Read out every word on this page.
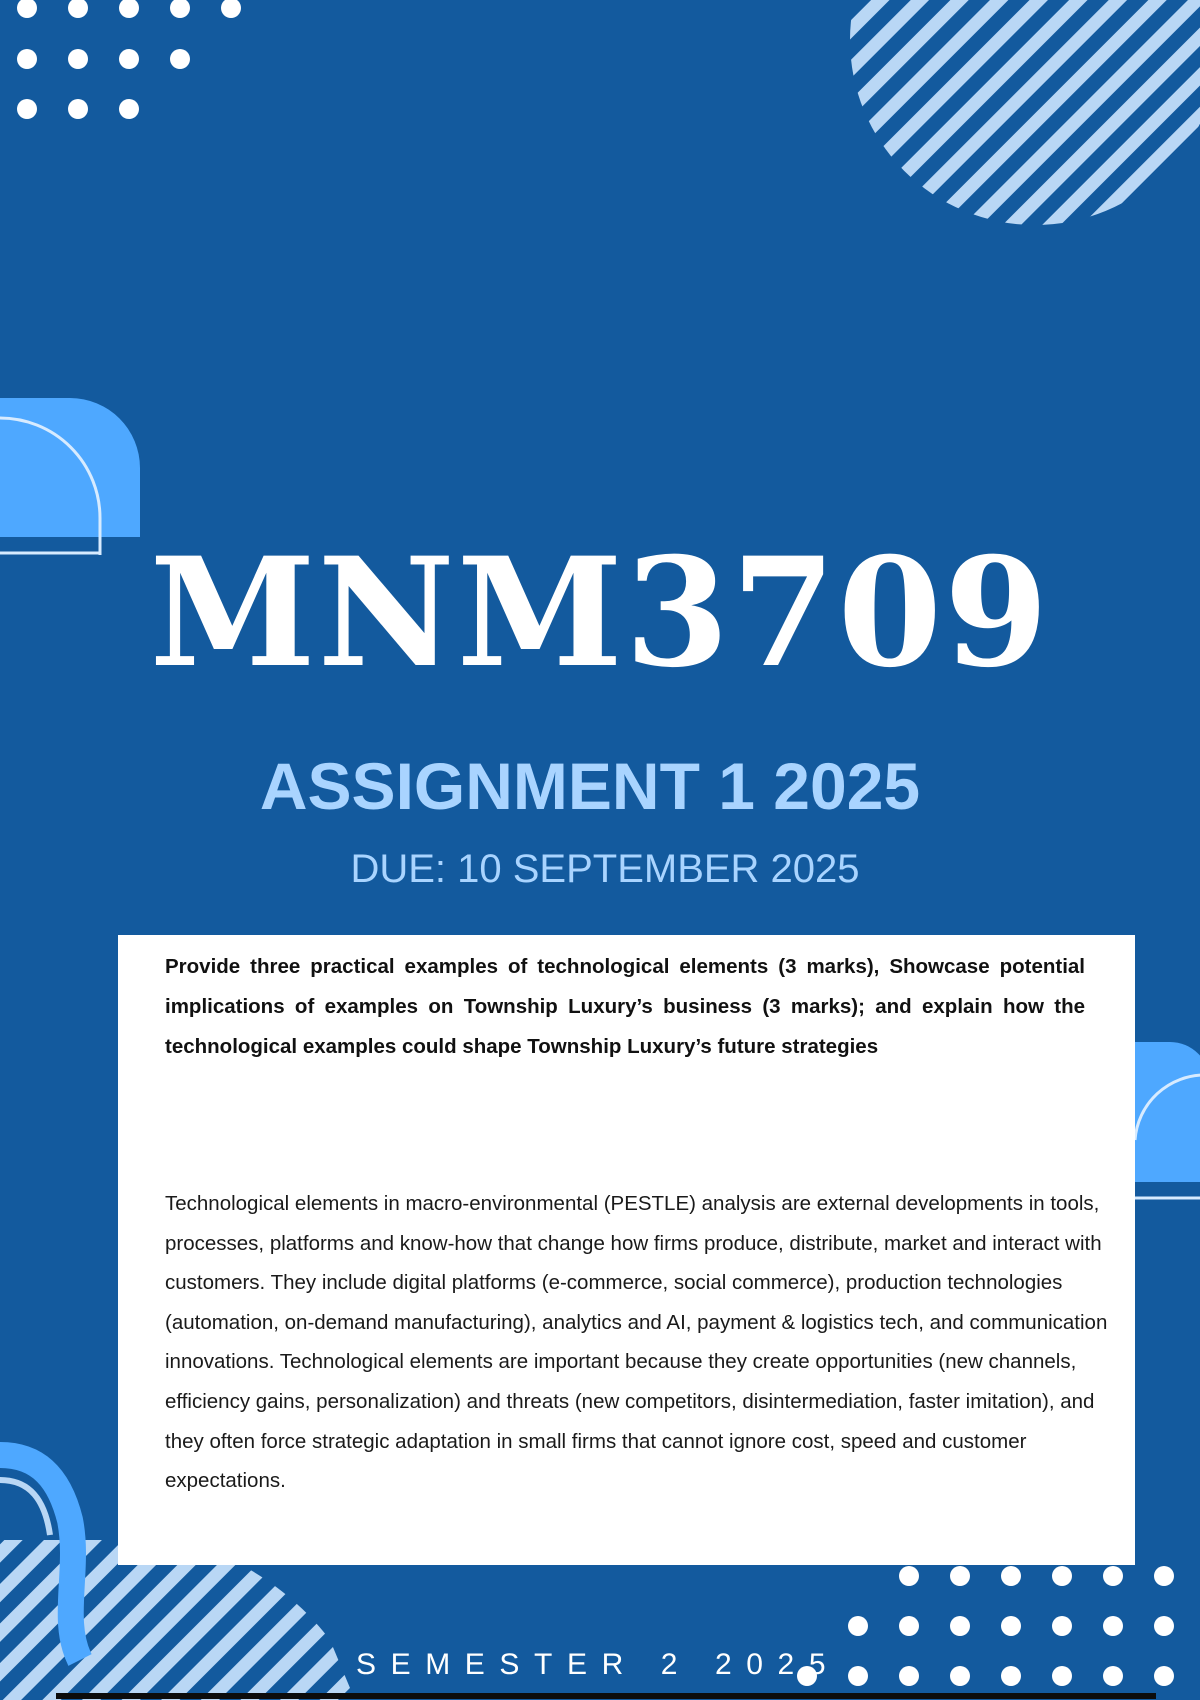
MNM3709
ASSIGNMENT 1 2025
DUE: 10 SEPTEMBER 2025
Provide three practical examples of technological elements (3 marks), Showcase potential implications of examples on Township Luxury’s business (3 marks); and explain how the technological examples could shape Township Luxury’s future strategies
Technological elements in macro-environmental (PESTLE) analysis are external developments in tools, processes, platforms and know-how that change how firms produce, distribute, market and interact with customers. They include digital platforms (e-commerce, social commerce), production technologies (automation, on-demand manufacturing), analytics and AI, payment & logistics tech, and communication innovations. Technological elements are important because they create opportunities (new channels, efficiency gains, personalization) and threats (new competitors, disintermediation, faster imitation), and they often force strategic adaptation in small firms that cannot ignore cost, speed and customer expectations.
SEMESTER 2 2025
